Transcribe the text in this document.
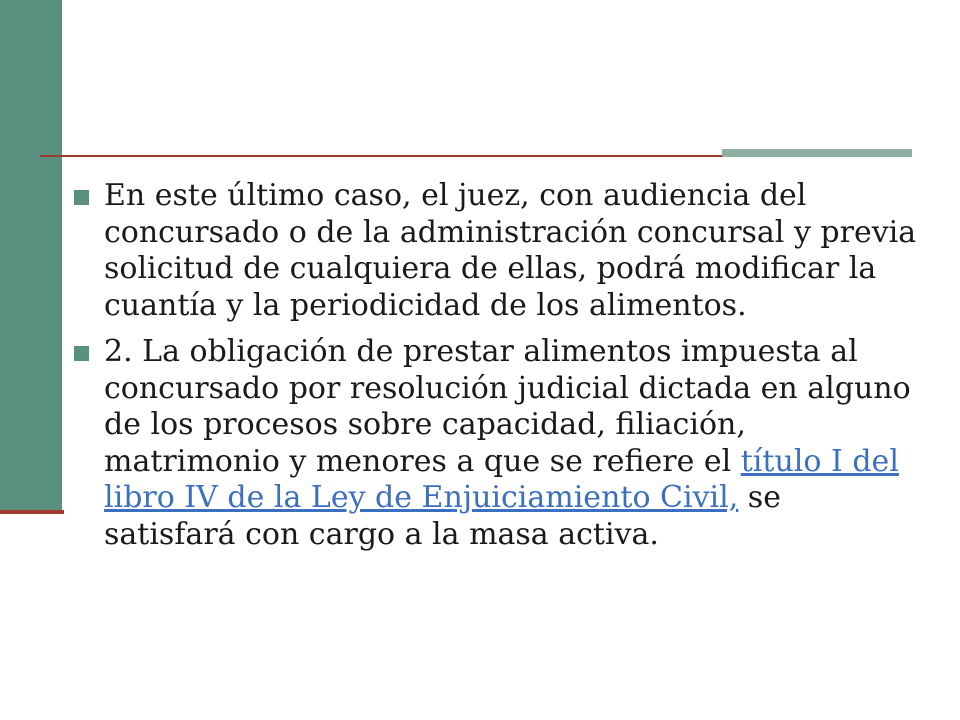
En este último caso, el juez, con audiencia del concursado o de la administración concursal y previa solicitud de cualquiera de ellas, podrá modificar la cuantía y la periodicidad de los alimentos.
2. La obligación de prestar alimentos impuesta al concursado por resolución judicial dictada en alguno de los procesos sobre capacidad, filiación, matrimonio y menores a que se refiere el título I del libro IV de la Ley de Enjuiciamiento Civil, se satisfará con cargo a la masa activa.
